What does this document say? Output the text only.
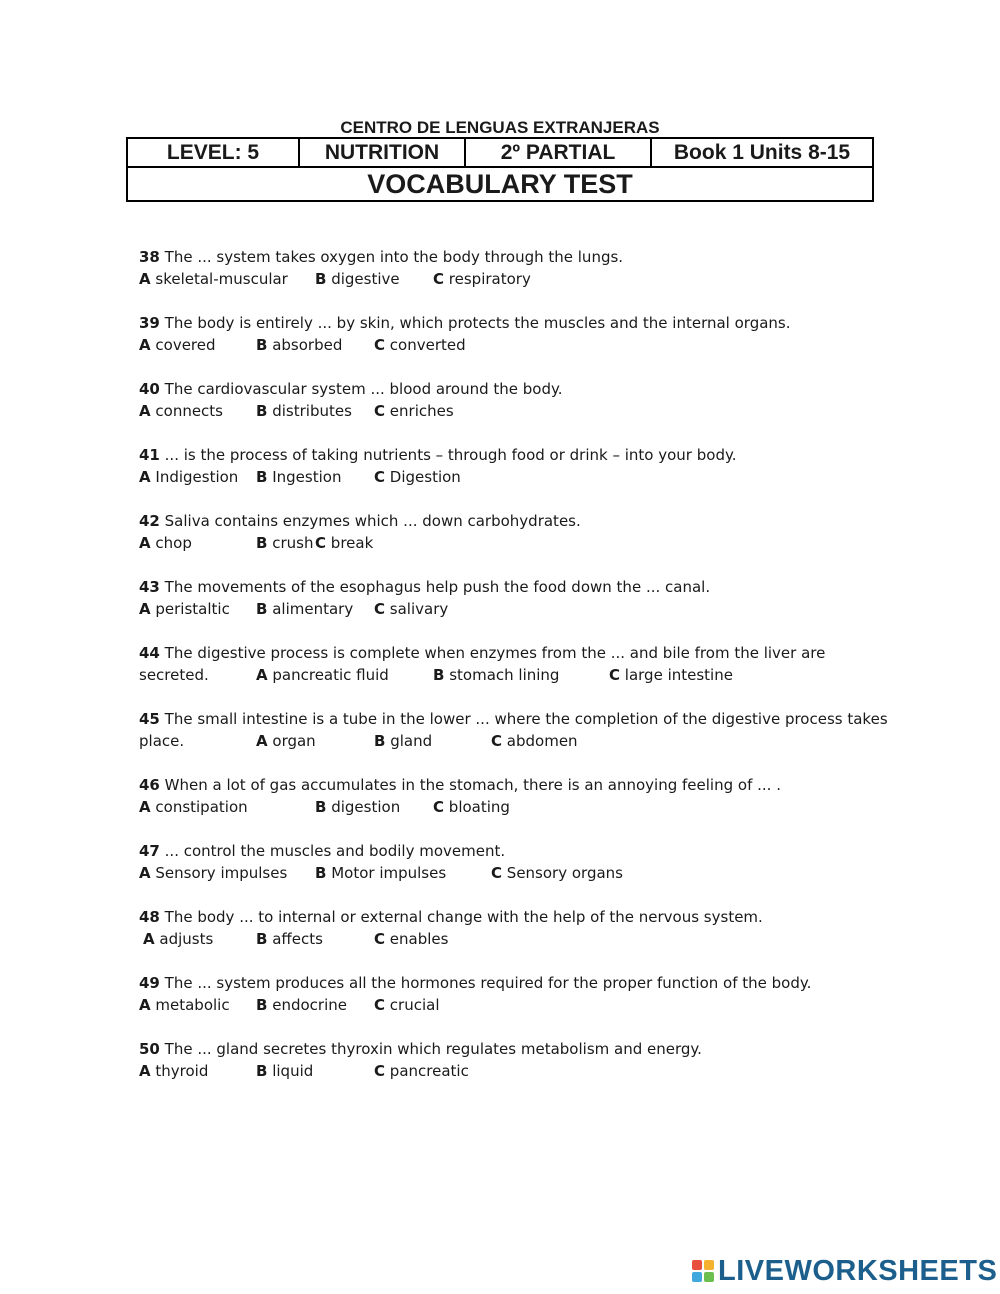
CENTRO DE LENGUAS EXTRANJERAS
LEVEL: 5	NUTRITION	2º PARTIAL	Book 1 Units 8-15
VOCABULARY TEST
38 The ... system takes oxygen into the body through the lungs.
A skeletal-muscular B digestive C respiratory
39 The body is entirely ... by skin, which protects the muscles and the internal organs.
A covered	B absorbed C converted
40 The cardiovascular system ... blood around the body.
A connects B distributes C enriches
41 ... is the process of taking nutrients – through food or drink – into your body.
A Indigestion B Ingestion C Digestion
42 Saliva contains enzymes which ... down carbohydrates.
A chop	B crush C break
43 The movements of the esophagus help push the food down the ... canal.
A peristaltic B alimentary C salivary
44 The digestive process is complete when enzymes from the ... and bile from the liver are
secreted.	A pancreatic fluid	B stomach lining	C large intestine
45 The small intestine is a tube in the lower ... where the completion of the digestive process takes
place.	A organ	B gland	C abdomen
46 When a lot of gas accumulates in the stomach, there is an annoying feeling of ... .
A constipation	B digestion C bloating
47 ... control the muscles and bodily movement.
A Sensory impulses B Motor impulses	C Sensory organs
48 The body ... to internal or external change with the help of the nervous system.
A adjusts	B affects	C enables
49 The ... system produces all the hormones required for the proper function of the body.
A metabolic B endocrine C crucial
50 The ... gland secretes thyroxin which regulates metabolism and energy.
A thyroid	B liquid	C pancreatic
LIVEWORKSHEETS
